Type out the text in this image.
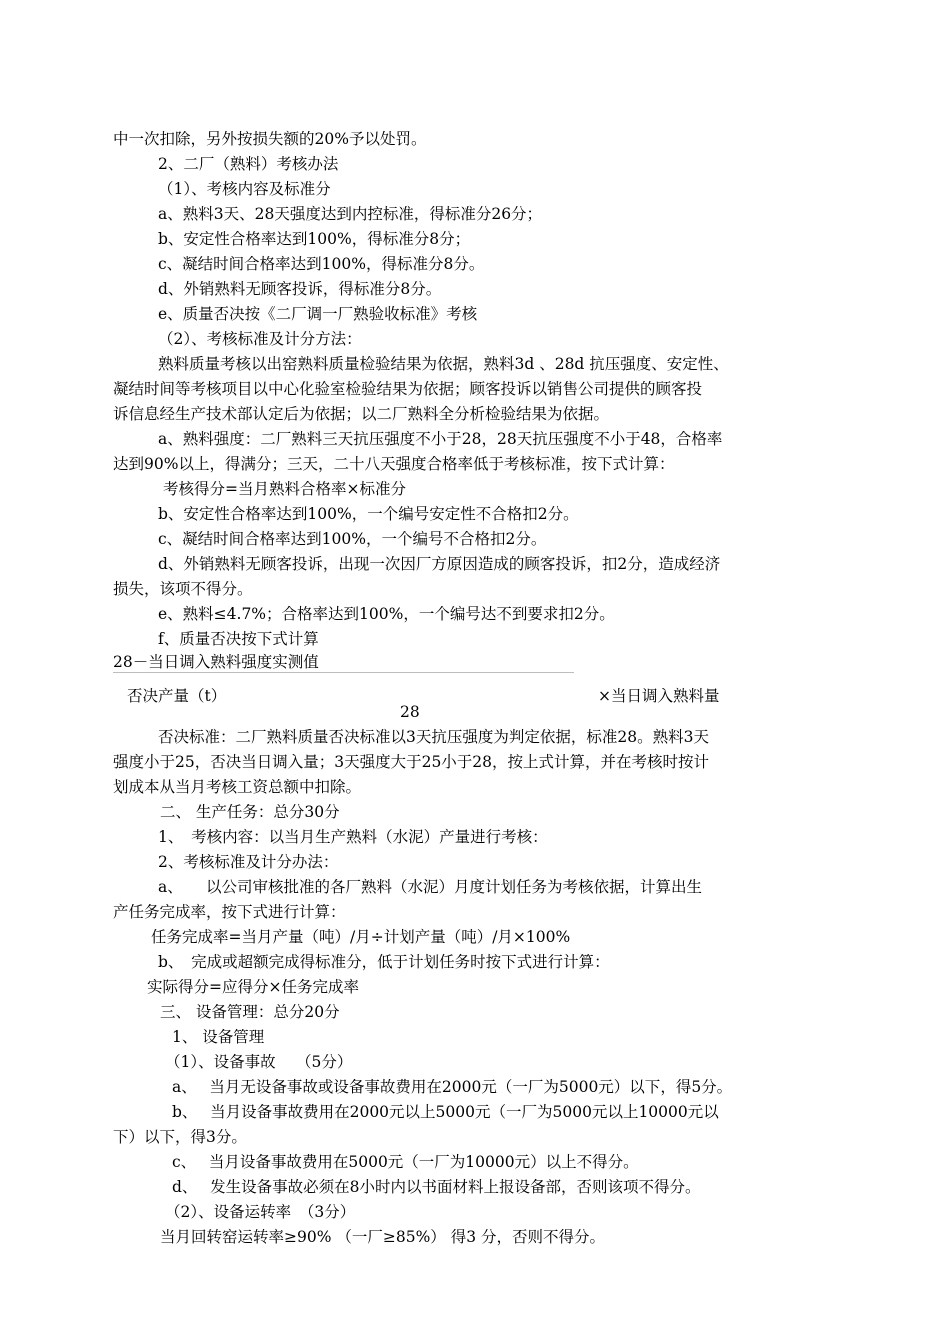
中一次扣除，另外按损失额的20%予以处罚。

2、二厂（熟料）考核办法

（1）、考核内容及标准分

a、熟料3天、28天强度达到内控标准，得标准分26分；

b、安定性合格率达到100%，得标准分8分；

c、凝结时间合格率达到100%，得标准分8分。

d、外销熟料无顾客投诉，得标准分8分。

e、质量否决按《二厂调一厂熟验收标准》考核

（2）、考核标准及计分方法：

熟料质量考核以出窑熟料质量检验结果为依据，熟料3d 、28d 抗压强度、安定性、

凝结时间等考核项目以中心化验室检验结果为依据；顾客投诉以销售公司提供的顾客投

诉信息经生产技术部认定后为依据；以二厂熟料全分析检验结果为依据。

a、熟料强度：二厂熟料三天抗压强度不小于28，28天抗压强度不小于48，合格率

达到90%以上，得满分；三天，二十八天强度合格率低于考核标准，按下式计算：

考核得分=当月熟料合格率×标准分

b、安定性合格率达到100%，一个编号安定性不合格扣2分。

c、凝结时间合格率达到100%，一个编号不合格扣2分。

d、外销熟料无顾客投诉，出现一次因厂方原因造成的顾客投诉，扣2分，造成经济

损失，该项不得分。

e、熟料≤4.7%；合格率达到100%，一个编号达不到要求扣2分。

f、质量否决按下式计算

28－当日调入熟料强度实测值

否决产量（t）	×当日调入熟料量

28

否决标准：二厂熟料质量否决标准以3天抗压强度为判定依据，标准28。熟料3天

强度小于25，否决当日调入量；3天强度大于25小于28，按上式计算，并在考核时按计

划成本从当月考核工资总额中扣除。

二、 生产任务：总分30分

1、　考核内容：以当月生产熟料（水泥）产量进行考核：

2、考核标准及计分办法：

a、　　以公司审核批准的各厂熟料（水泥）月度计划任务为考核依据，计算出生

产任务完成率，按下式进行计算：

任务完成率=当月产量（吨）/月÷计划产量（吨）/月×100%

b、　完成或超额完成得标准分，低于计划任务时按下式进行计算：

实际得分=应得分×任务完成率

三、 设备管理：总分20分

1、 设备管理

（1）、设备事故　 （5分）

a、　 当月无设备事故或设备事故费用在2000元（一厂为5000元）以下，得5分。

b、　 当月设备事故费用在2000元以上5000元（一厂为5000元以上10000元以

下）以下，得3分。

c、　 当月设备事故费用在5000元（一厂为10000元）以上不得分。

d、　 发生设备事故必须在8小时内以书面材料上报设备部，否则该项不得分。

（2）、设备运转率　（3分）

当月回转窑运转率≥90% （一厂≥85%） 得3 分，否则不得分。
